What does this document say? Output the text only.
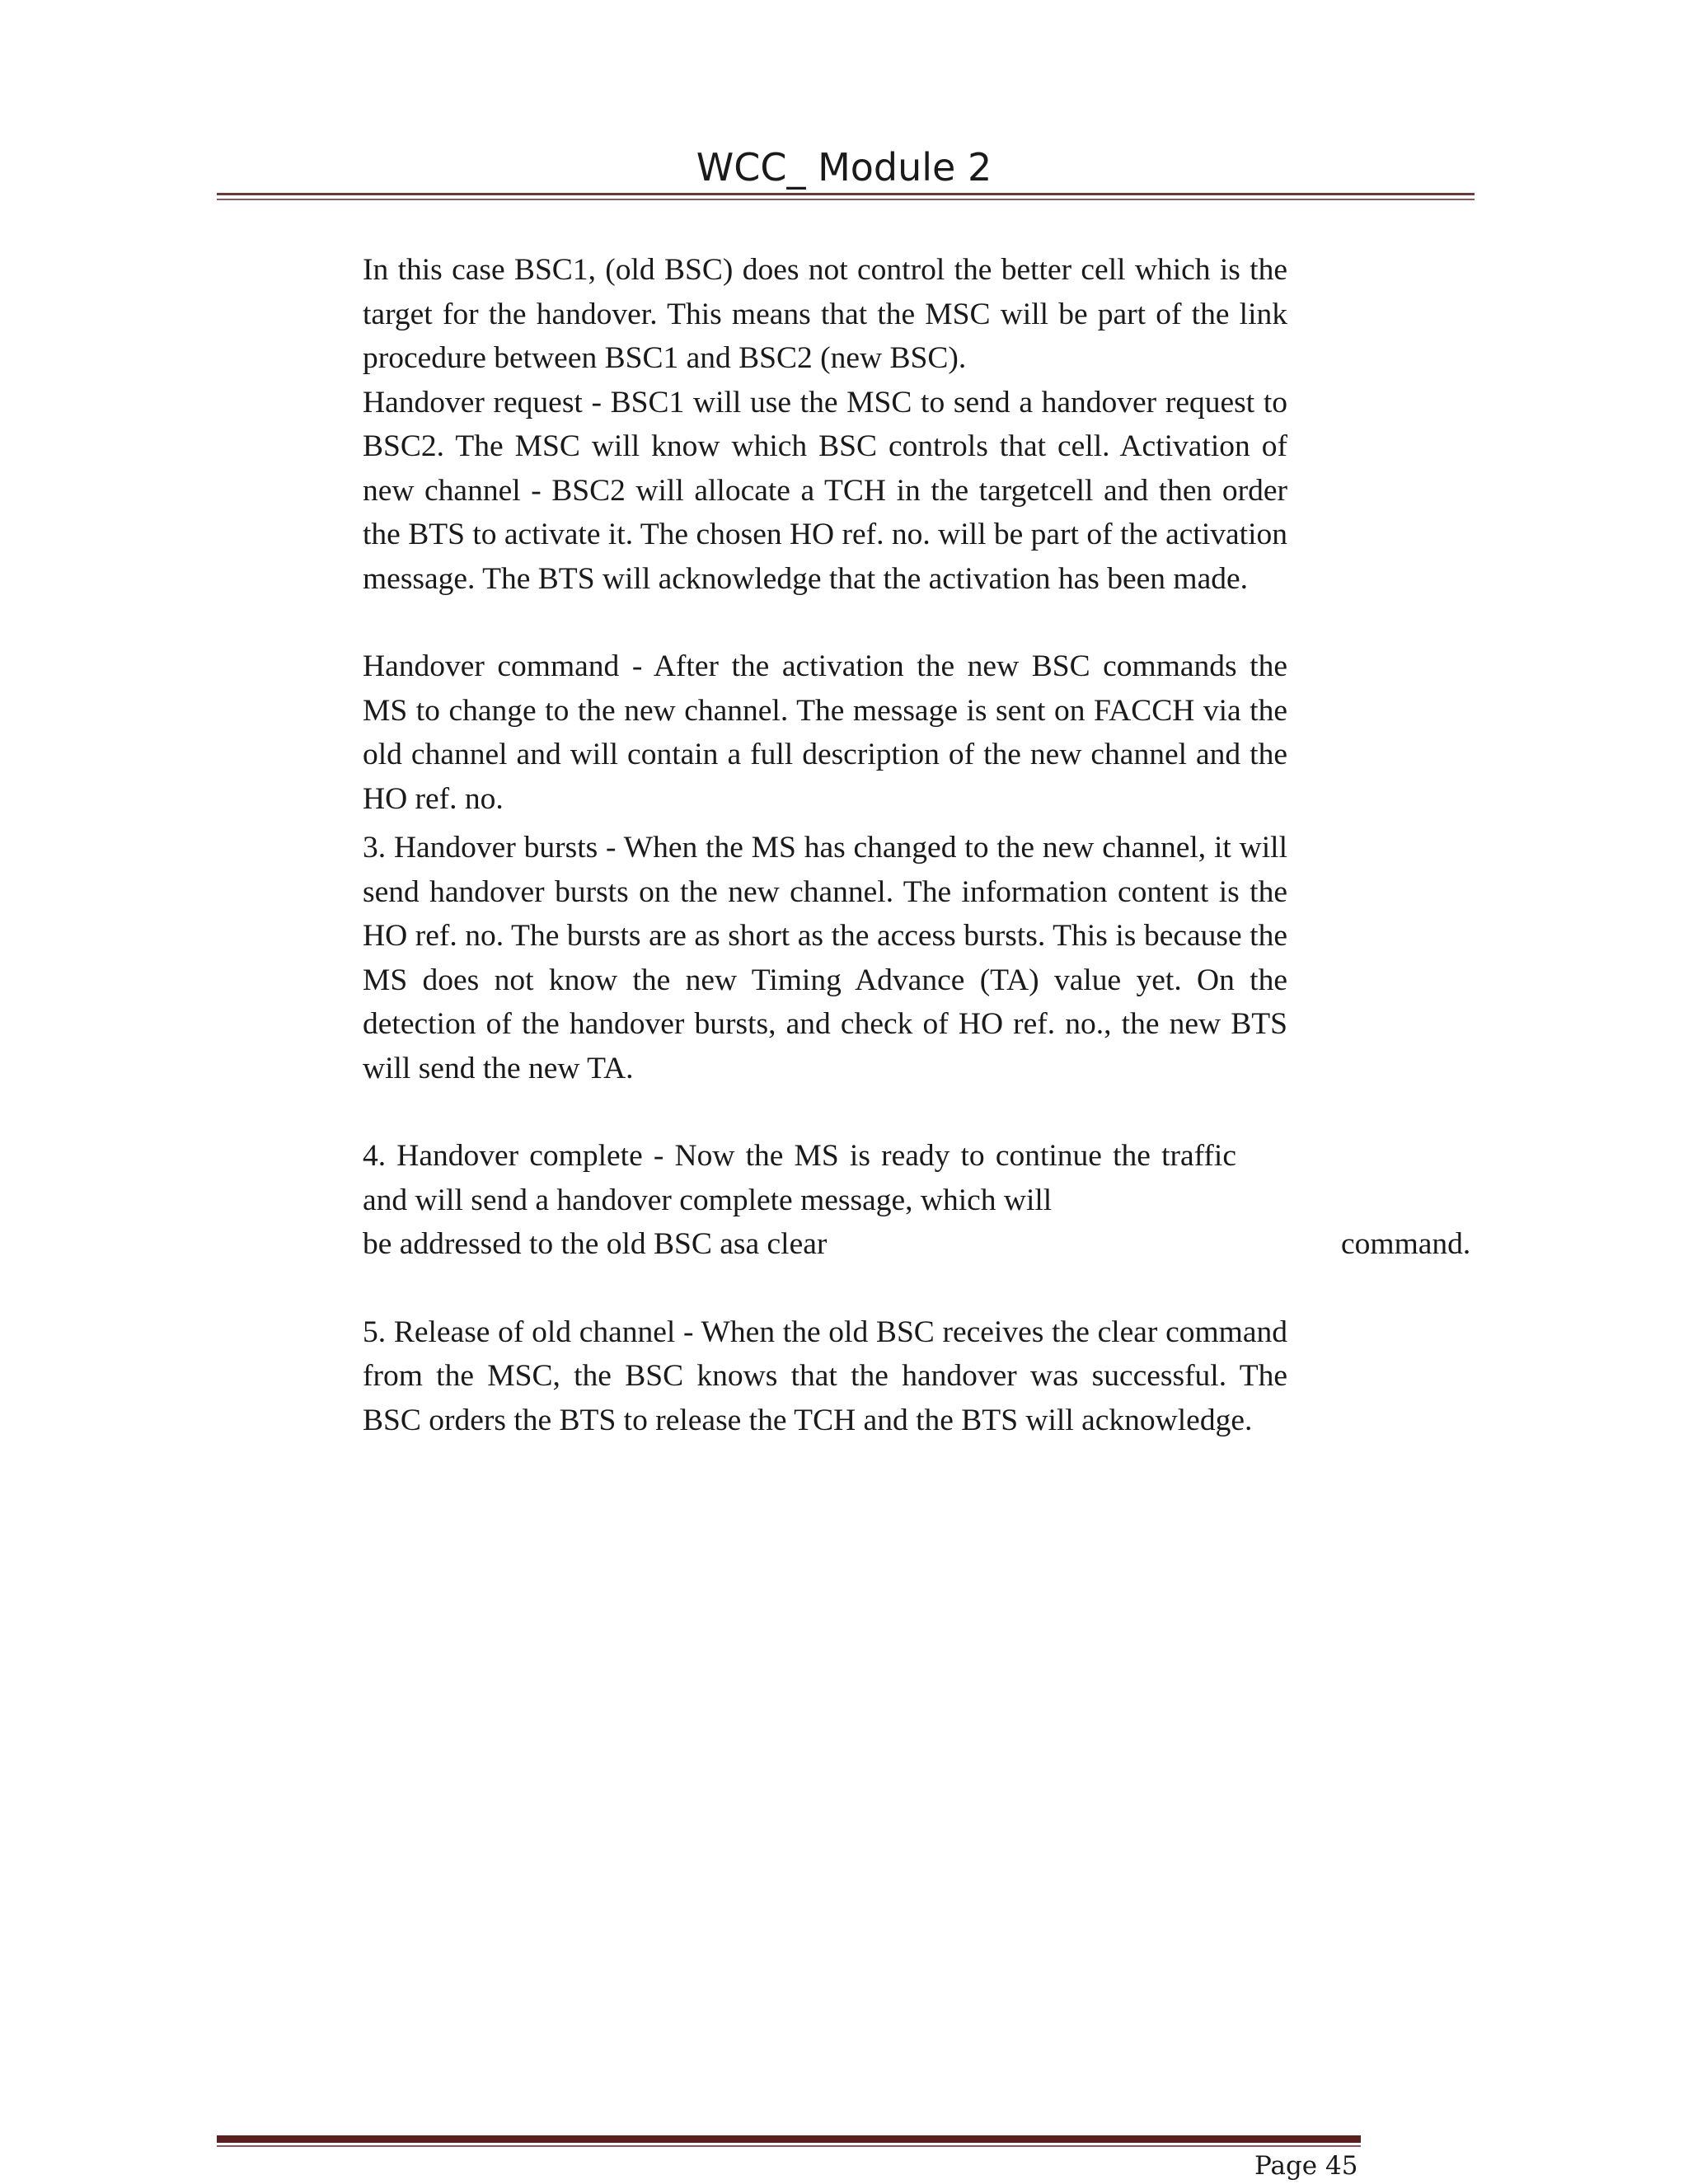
WCC_ Module 2

In this case BSC1, (old BSC) does not control the better cell which is the target for the handover. This means that the MSC will be part of the link procedure between BSC1 and BSC2 (new BSC).

Handover request - BSC1 will use the MSC to send a handover request to BSC2. The MSC will know which BSC controls that cell. Activation of new channel - BSC2 will allocate a TCH in the targetcell and then order the BTS to activate it. The chosen HO ref. no. will be part of the activation message. The BTS will acknowledge that the activation has been made.

Handover command - After the activation the new BSC commands the MS to change to the new channel. The message is sent on FACCH via the old channel and will contain a full description of the new channel and the HO ref. no.

3. Handover bursts - When the MS has changed to the new channel, it will send handover bursts on the new channel. The information content is the HO ref. no. The bursts are as short as the access bursts. This is because the MS does not know the new Timing Advance (TA) value yet. On the detection of the handover bursts, and check of HO ref. no., the new BTS will send the new TA.

4. Handover complete - Now the MS is ready to continue the traffic and will send a handover complete message, which will

be addressed to the old BSC asa clear	command.

5. Release of old channel - When the old BSC receives the clear command from the MSC, the BSC knows that the handover was successful. The BSC orders the BTS to release the TCH and the BTS will acknowledge.

Page 45
